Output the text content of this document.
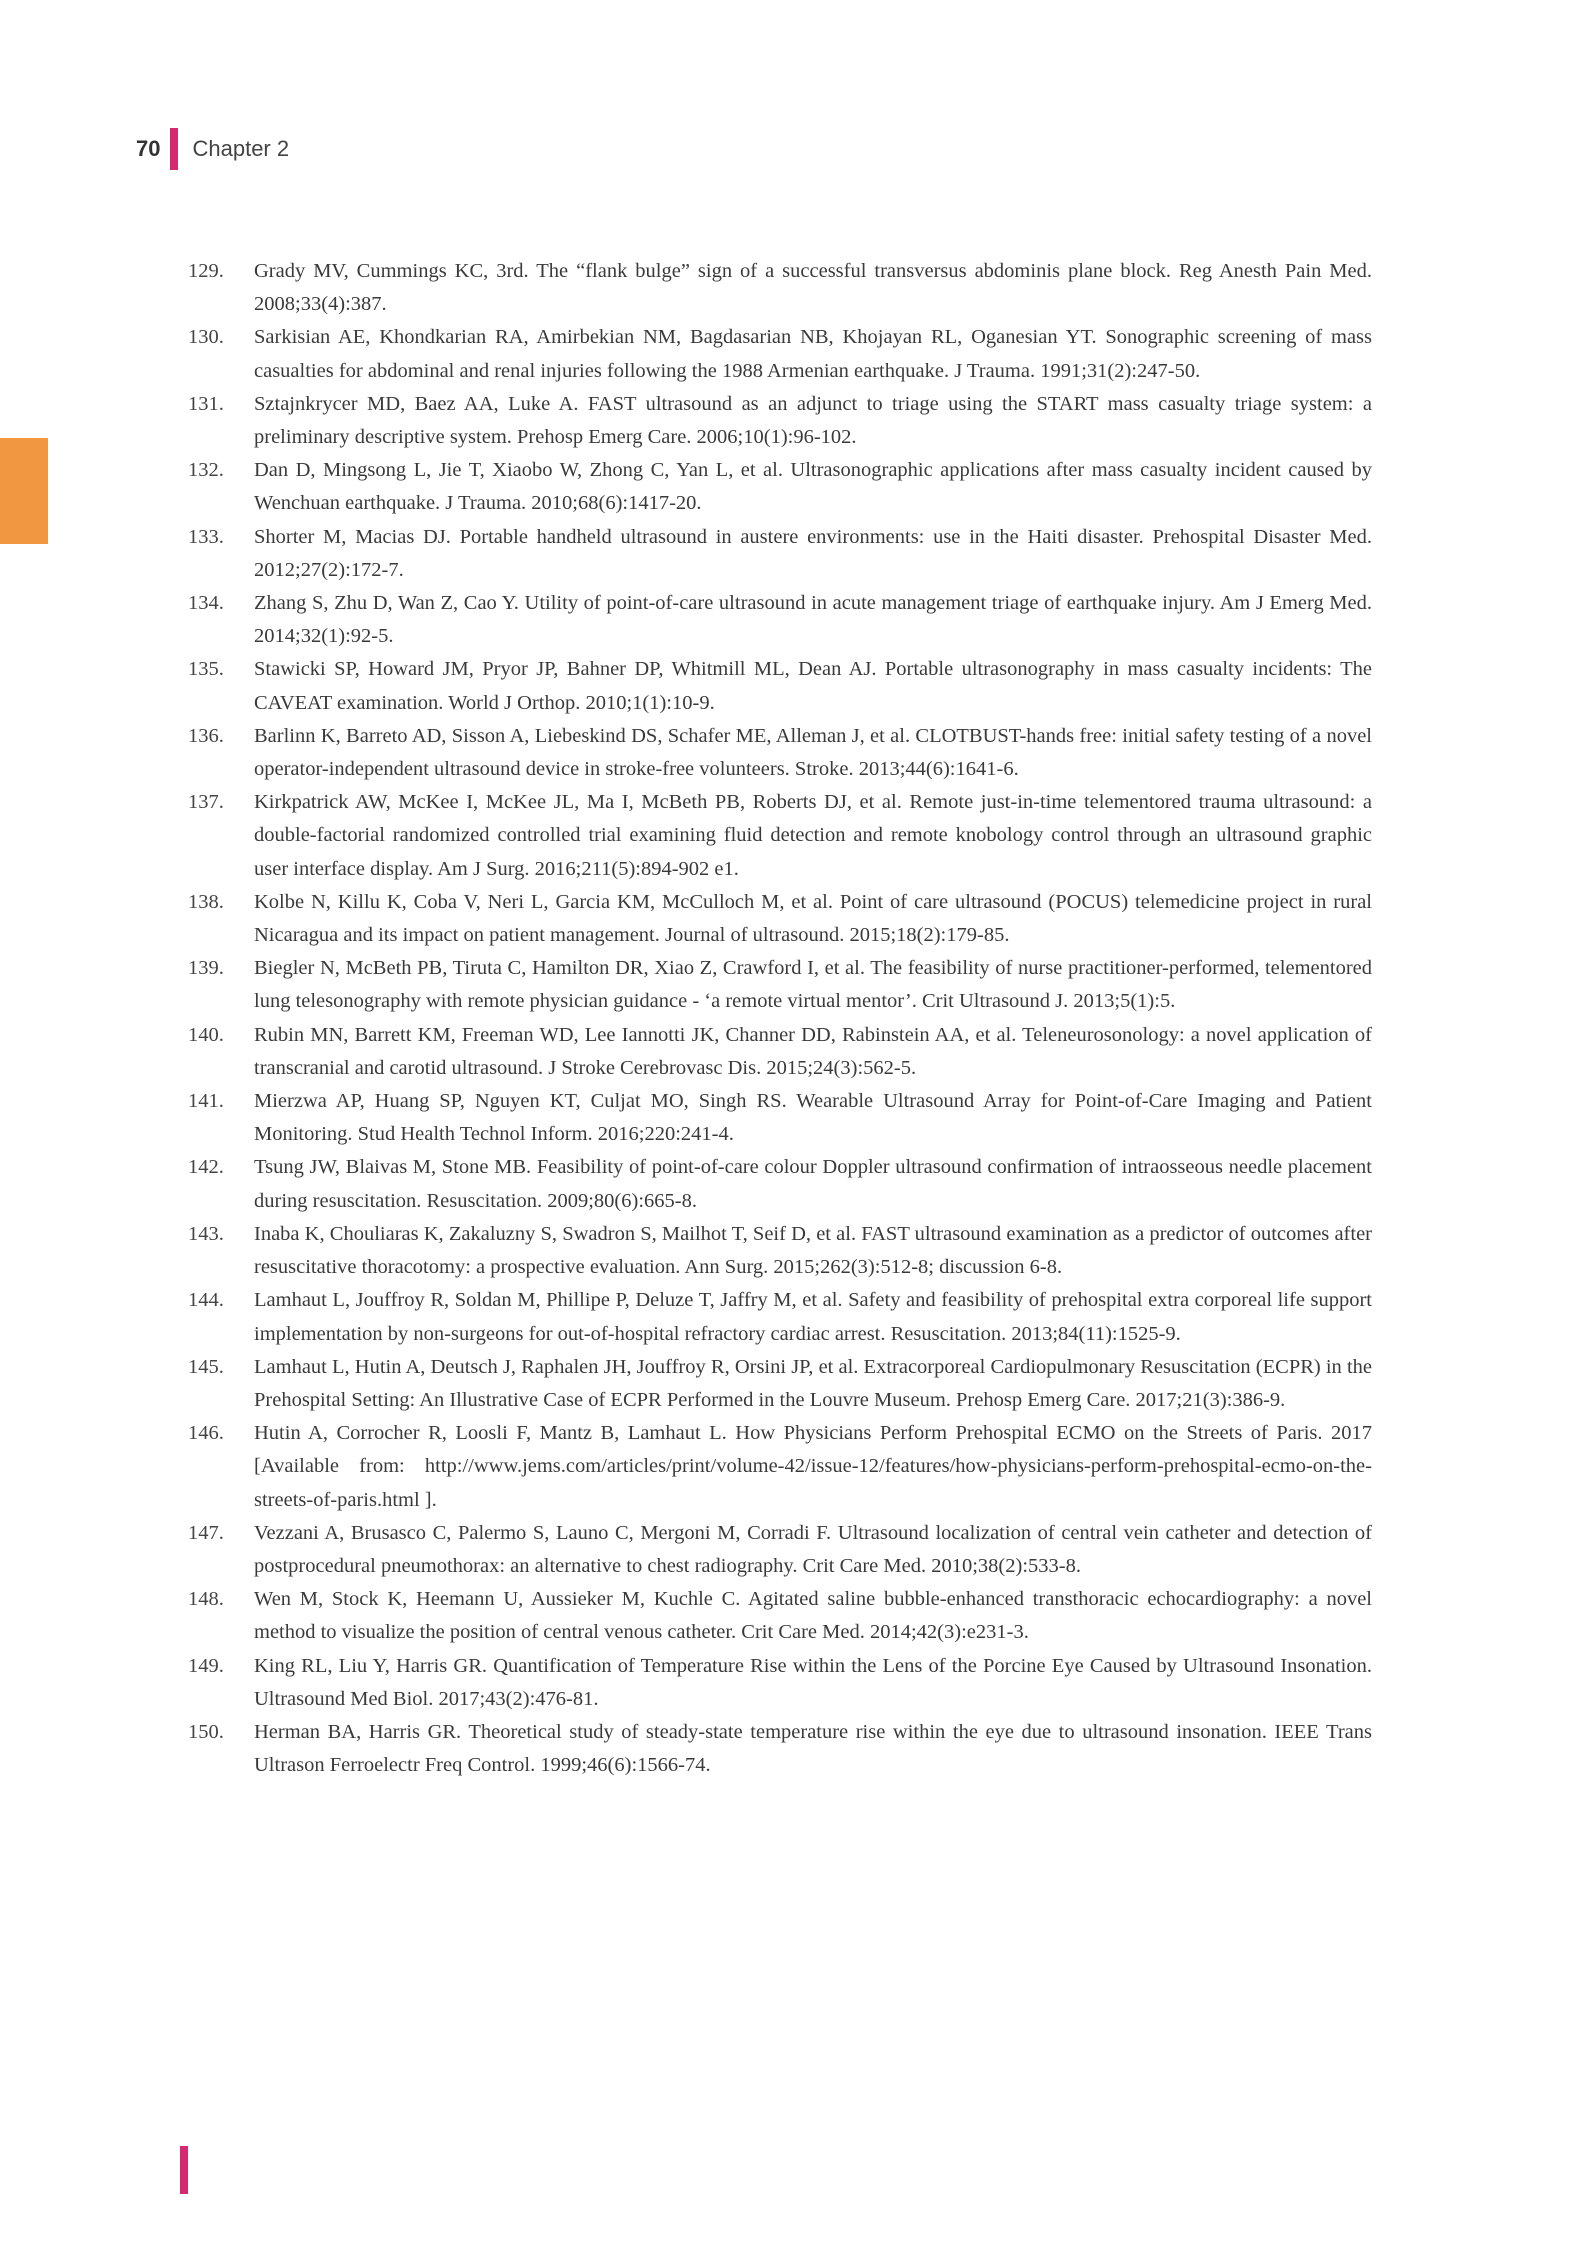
70 Chapter 2
129.	Grady MV, Cummings KC, 3rd. The “flank bulge” sign of a successful transversus abdominis plane block. Reg Anesth Pain Med. 2008;33(4):387.
130.	Sarkisian AE, Khondkarian RA, Amirbekian NM, Bagdasarian NB, Khojayan RL, Oganesian YT. Sonographic screening of mass casualties for abdominal and renal injuries following the 1988 Armenian earthquake. J Trauma. 1991;31(2):247-50.
131.	Sztajnkrycer MD, Baez AA, Luke A. FAST ultrasound as an adjunct to triage using the START mass casualty triage system: a preliminary descriptive system. Prehosp Emerg Care. 2006;10(1):96-102.
132.	Dan D, Mingsong L, Jie T, Xiaobo W, Zhong C, Yan L, et al. Ultrasonographic applications after mass casualty incident caused by Wenchuan earthquake. J Trauma. 2010;68(6):1417-20.
133.	Shorter M, Macias DJ. Portable handheld ultrasound in austere environments: use in the Haiti disaster. Prehospital Disaster Med. 2012;27(2):172-7.
134.	Zhang S, Zhu D, Wan Z, Cao Y. Utility of point-of-care ultrasound in acute management triage of earthquake injury. Am J Emerg Med. 2014;32(1):92-5.
135.	Stawicki SP, Howard JM, Pryor JP, Bahner DP, Whitmill ML, Dean AJ. Portable ultrasonography in mass casualty incidents: The CAVEAT examination. World J Orthop. 2010;1(1):10-9.
136.	Barlinn K, Barreto AD, Sisson A, Liebeskind DS, Schafer ME, Alleman J, et al. CLOTBUST-hands free: initial safety testing of a novel operator-independent ultrasound device in stroke-free volunteers. Stroke. 2013;44(6):1641-6.
137.	Kirkpatrick AW, McKee I, McKee JL, Ma I, McBeth PB, Roberts DJ, et al. Remote just-in-time telementored trauma ultrasound: a double-factorial randomized controlled trial examining fluid detection and remote knobology control through an ultrasound graphic user interface display. Am J Surg. 2016;211(5):894-902 e1.
138.	Kolbe N, Killu K, Coba V, Neri L, Garcia KM, McCulloch M, et al. Point of care ultrasound (POCUS) telemedicine project in rural Nicaragua and its impact on patient management. Journal of ultrasound. 2015;18(2):179-85.
139.	Biegler N, McBeth PB, Tiruta C, Hamilton DR, Xiao Z, Crawford I, et al. The feasibility of nurse practitioner-performed, telementored lung telesonography with remote physician guidance - ‘a remote virtual mentor’. Crit Ultrasound J. 2013;5(1):5.
140.	Rubin MN, Barrett KM, Freeman WD, Lee Iannotti JK, Channer DD, Rabinstein AA, et al. Teleneurosonology: a novel application of transcranial and carotid ultrasound. J Stroke Cerebrovasc Dis. 2015;24(3):562-5.
141.	Mierzwa AP, Huang SP, Nguyen KT, Culjat MO, Singh RS. Wearable Ultrasound Array for Point-of-Care Imaging and Patient Monitoring. Stud Health Technol Inform. 2016;220:241-4.
142.	Tsung JW, Blaivas M, Stone MB. Feasibility of point-of-care colour Doppler ultrasound confirmation of intraosseous needle placement during resuscitation. Resuscitation. 2009;80(6):665-8.
143.	Inaba K, Chouliaras K, Zakaluzny S, Swadron S, Mailhot T, Seif D, et al. FAST ultrasound examination as a predictor of outcomes after resuscitative thoracotomy: a prospective evaluation. Ann Surg. 2015;262(3):512-8; discussion 6-8.
144.	Lamhaut L, Jouffroy R, Soldan M, Phillipe P, Deluze T, Jaffry M, et al. Safety and feasibility of prehospital extra corporeal life support implementation by non-surgeons for out-of-hospital refractory cardiac arrest. Resuscitation. 2013;84(11):1525-9.
145.	Lamhaut L, Hutin A, Deutsch J, Raphalen JH, Jouffroy R, Orsini JP, et al. Extracorporeal Cardiopulmonary Resuscitation (ECPR) in the Prehospital Setting: An Illustrative Case of ECPR Performed in the Louvre Museum. Prehosp Emerg Care. 2017;21(3):386-9.
146.	Hutin A, Corrocher R, Loosli F, Mantz B, Lamhaut L. How Physicians Perform Prehospital ECMO on the Streets of Paris. 2017 [Available from: http://www.jems.com/articles/print/volume-42/issue-12/features/how-physicians-perform-prehospital-ecmo-on-the-streets-of-paris.html ].
147.	Vezzani A, Brusasco C, Palermo S, Launo C, Mergoni M, Corradi F. Ultrasound localization of central vein catheter and detection of postprocedural pneumothorax: an alternative to chest radiography. Crit Care Med. 2010;38(2):533-8.
148.	Wen M, Stock K, Heemann U, Aussieker M, Kuchle C. Agitated saline bubble-enhanced transthoracic echocardiography: a novel method to visualize the position of central venous catheter. Crit Care Med. 2014;42(3):e231-3.
149.	King RL, Liu Y, Harris GR. Quantification of Temperature Rise within the Lens of the Porcine Eye Caused by Ultrasound Insonation. Ultrasound Med Biol. 2017;43(2):476-81.
150.	Herman BA, Harris GR. Theoretical study of steady-state temperature rise within the eye due to ultrasound insonation. IEEE Trans Ultrason Ferroelectr Freq Control. 1999;46(6):1566-74.
